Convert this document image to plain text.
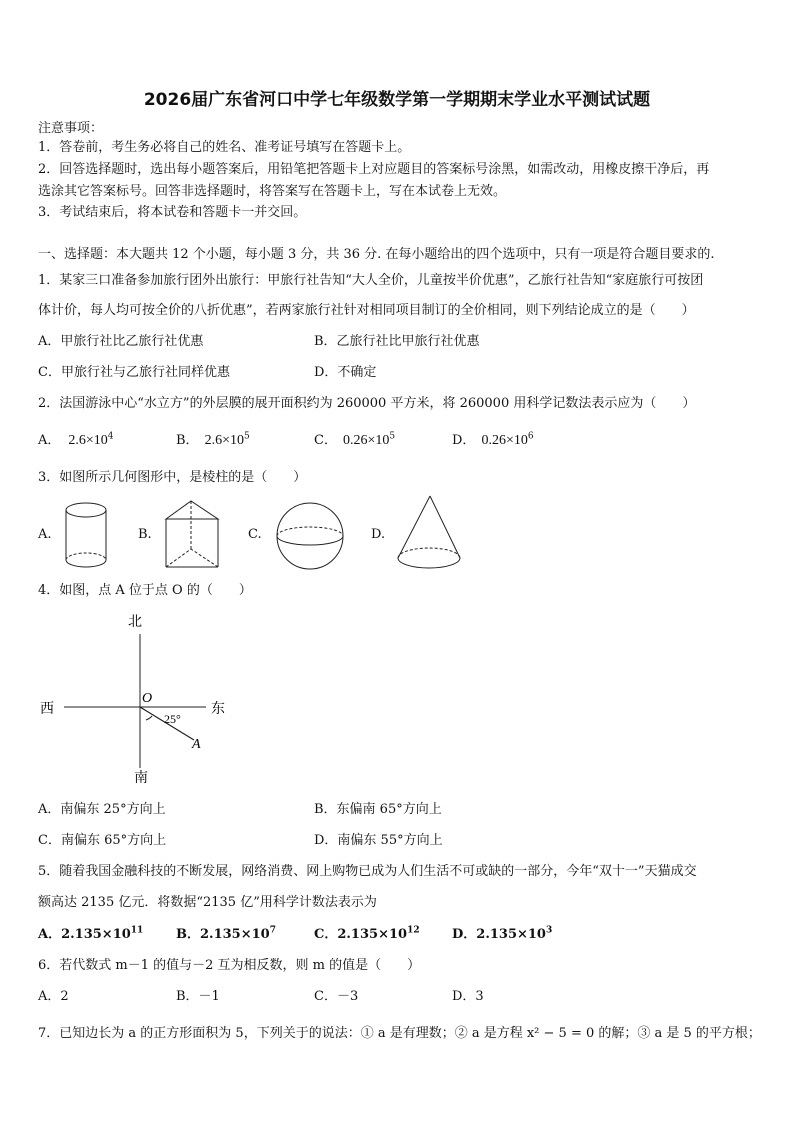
2026届广东省河口中学七年级数学第一学期期末学业水平测试试题
注意事项：
1．答卷前，考生务必将自己的姓名、准考证号填写在答题卡上。
2．回答选择题时，选出每小题答案后，用铅笔把答题卡上对应题目的答案标号涂黑，如需改动，用橡皮擦干净后，再
选涂其它答案标号。回答非选择题时，将答案写在答题卡上，写在本试卷上无效。
3．考试结束后，将本试卷和答题卡一并交回。
一、选择题：本大题共 12 个小题，每小题 3 分，共 36 分. 在每小题给出的四个选项中，只有一项是符合题目要求的.
1．某家三口准备参加旅行团外出旅行：甲旅行社告知“大人全价，儿童按半价优惠”，乙旅行社告知“家庭旅行可按团
体计价，每人均可按全价的八折优惠”，若两家旅行社针对相同项目制订的全价相同，则下列结论成立的是（　　）
A．甲旅行社比乙旅行社优惠	B．乙旅行社比甲旅行社优惠
C．甲旅行社与乙旅行社同样优惠	D．不确定
2．法国游泳中心“水立方”的外层膜的展开面积约为 260000 平方米，将 260000 用科学记数法表示应为（　　）
A． $2.6\times 10^4$	B． $2.6\times 10^5$	C． $0.26\times 10^5$	D． $0.26\times 10^6$
3．如图所示几何图形中，是棱柱的是（　　）
A.	B.	C.	D.
4．如图，点 A 位于点 O 的（　　）
北
南
西	东
O
A
25°
A．南偏东 25°方向上	B．东偏南 65°方向上
C．南偏东 65°方向上	D．南偏东 55°方向上
5．随着我国金融科技的不断发展，网络消费、网上购物已成为人们生活不可或缺的一部分，今年“双十一”天猫成交
额高达 2135 亿元．将数据“2135 亿”用科学计数法表示为
A．$2.135\times 10^{11}$	B．$2.135\times 10^7$	C．$2.135\times 10^{12}$ D．$2.135\times 10^3$
6．若代数式 m－1 的值与－2 互为相反数，则 m 的值是（　　）
A．2	B．－1	C．－3	D．3
7．已知边长为 a 的正方形面积为 5，下列关于的说法：① a 是有理数；② a 是方程 x² − 5 = 0 的解；③ a 是 5 的平方根；
